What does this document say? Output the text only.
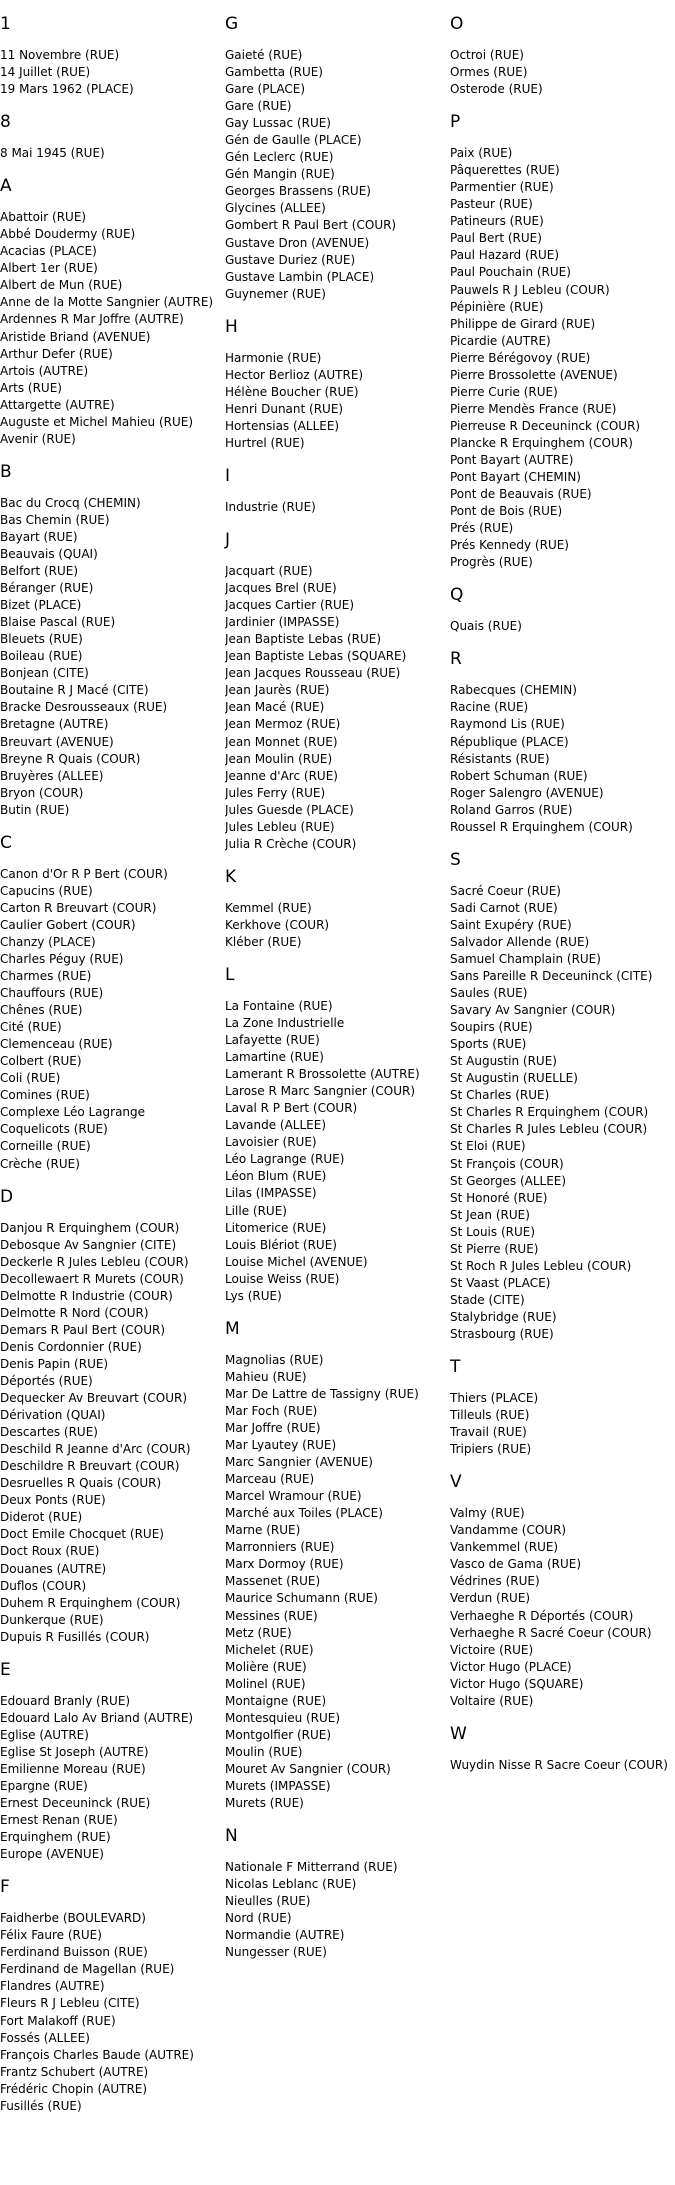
1
11 Novembre (RUE)
14 Juillet (RUE)
19 Mars 1962 (PLACE)
8
8 Mai 1945 (RUE)
A
Abattoir (RUE)
Abbé Doudermy (RUE)
Acacias (PLACE)
Albert 1er (RUE)
Albert de Mun (RUE)
Anne de la Motte Sangnier (AUTRE)
Ardennes R Mar Joffre (AUTRE)
Aristide Briand (AVENUE)
Arthur Defer (RUE)
Artois (AUTRE)
Arts (RUE)
Attargette (AUTRE)
Auguste et Michel Mahieu (RUE)
Avenir (RUE)
B
Bac du Crocq (CHEMIN)
Bas Chemin (RUE)
Bayart (RUE)
Beauvais (QUAI)
Belfort (RUE)
Béranger (RUE)
Bizet (PLACE)
Blaise Pascal (RUE)
Bleuets (RUE)
Boileau (RUE)
Bonjean (CITE)
Boutaine R J Macé (CITE)
Bracke Desrousseaux (RUE)
Bretagne (AUTRE)
Breuvart (AVENUE)
Breyne R Quais (COUR)
Bruyères (ALLEE)
Bryon (COUR)
Butin (RUE)
C
Canon d'Or R P Bert (COUR)
Capucins (RUE)
Carton R Breuvart (COUR)
Caulier Gobert (COUR)
Chanzy (PLACE)
Charles Péguy (RUE)
Charmes (RUE)
Chauffours (RUE)
Chênes (RUE)
Cité (RUE)
Clemenceau (RUE)
Colbert (RUE)
Coli (RUE)
Comines (RUE)
Complexe Léo Lagrange
Coquelicots (RUE)
Corneille (RUE)
Crèche (RUE)
D
Danjou R Erquinghem (COUR)
Debosque Av Sangnier (CITE)
Deckerle R Jules Lebleu (COUR)
Decollewaert R Murets (COUR)
Delmotte R Industrie (COUR)
Delmotte R Nord (COUR)
Demars R Paul Bert (COUR)
Denis Cordonnier (RUE)
Denis Papin (RUE)
Déportés (RUE)
Dequecker Av Breuvart (COUR)
Dérivation (QUAI)
Descartes (RUE)
Deschild R Jeanne d'Arc (COUR)
Deschildre R Breuvart (COUR)
Desruelles R Quais (COUR)
Deux Ponts (RUE)
Diderot (RUE)
Doct Emile Chocquet (RUE)
Doct Roux (RUE)
Douanes (AUTRE)
Duflos (COUR)
Duhem R Erquinghem (COUR)
Dunkerque (RUE)
Dupuis R Fusillés (COUR)
E
Edouard Branly (RUE)
Edouard Lalo Av Briand (AUTRE)
Eglise (AUTRE)
Eglise St Joseph (AUTRE)
Emilienne Moreau (RUE)
Epargne (RUE)
Ernest Deceuninck (RUE)
Ernest Renan (RUE)
Erquinghem (RUE)
Europe (AVENUE)
F
Faidherbe (BOULEVARD)
Félix Faure (RUE)
Ferdinand Buisson (RUE)
Ferdinand de Magellan (RUE)
Flandres (AUTRE)
Fleurs R J Lebleu (CITE)
Fort Malakoff (RUE)
Fossés (ALLEE)
François Charles Baude (AUTRE)
Frantz Schubert (AUTRE)
Frédéric Chopin (AUTRE)
Fusillés (RUE)
G
Gaieté (RUE)
Gambetta (RUE)
Gare (PLACE)
Gare (RUE)
Gay Lussac (RUE)
Gén de Gaulle (PLACE)
Gén Leclerc (RUE)
Gén Mangin (RUE)
Georges Brassens (RUE)
Glycines (ALLEE)
Gombert R Paul Bert (COUR)
Gustave Dron (AVENUE)
Gustave Duriez (RUE)
Gustave Lambin (PLACE)
Guynemer (RUE)
H
Harmonie (RUE)
Hector Berlioz (AUTRE)
Hélène Boucher (RUE)
Henri Dunant (RUE)
Hortensias (ALLEE)
Hurtrel (RUE)
I
Industrie (RUE)
J
Jacquart (RUE)
Jacques Brel (RUE)
Jacques Cartier (RUE)
Jardinier (IMPASSE)
Jean Baptiste Lebas (RUE)
Jean Baptiste Lebas (SQUARE)
Jean Jacques Rousseau (RUE)
Jean Jaurès (RUE)
Jean Macé (RUE)
Jean Mermoz (RUE)
Jean Monnet (RUE)
Jean Moulin (RUE)
Jeanne d'Arc (RUE)
Jules Ferry (RUE)
Jules Guesde (PLACE)
Jules Lebleu (RUE)
Julia R Crèche (COUR)
K
Kemmel (RUE)
Kerkhove (COUR)
Kléber (RUE)
L
La Fontaine (RUE)
La Zone Industrielle
Lafayette (RUE)
Lamartine (RUE)
Lamerant R Brossolette (AUTRE)
Larose R Marc Sangnier (COUR)
Laval R P Bert (COUR)
Lavande (ALLEE)
Lavoisier (RUE)
Léo Lagrange (RUE)
Léon Blum (RUE)
Lilas (IMPASSE)
Lille (RUE)
Litomerice (RUE)
Louis Blériot (RUE)
Louise Michel (AVENUE)
Louise Weiss (RUE)
Lys (RUE)
M
Magnolias (RUE)
Mahieu (RUE)
Mar De Lattre de Tassigny (RUE)
Mar Foch (RUE)
Mar Joffre (RUE)
Mar Lyautey (RUE)
Marc Sangnier (AVENUE)
Marceau (RUE)
Marcel Wramour (RUE)
Marché aux Toiles (PLACE)
Marne (RUE)
Marronniers (RUE)
Marx Dormoy (RUE)
Massenet (RUE)
Maurice Schumann (RUE)
Messines (RUE)
Metz (RUE)
Michelet (RUE)
Molière (RUE)
Molinel (RUE)
Montaigne (RUE)
Montesquieu (RUE)
Montgolfier (RUE)
Moulin (RUE)
Mouret Av Sangnier (COUR)
Murets (IMPASSE)
Murets (RUE)
N
Nationale F Mitterrand (RUE)
Nicolas Leblanc (RUE)
Nieulles (RUE)
Nord (RUE)
Normandie (AUTRE)
Nungesser (RUE)
O
Octroi (RUE)
Ormes (RUE)
Osterode (RUE)
P
Paix (RUE)
Pâquerettes (RUE)
Parmentier (RUE)
Pasteur (RUE)
Patineurs (RUE)
Paul Bert (RUE)
Paul Hazard (RUE)
Paul Pouchain (RUE)
Pauwels R J Lebleu (COUR)
Pépinière (RUE)
Philippe de Girard (RUE)
Picardie (AUTRE)
Pierre Bérégovoy (RUE)
Pierre Brossolette (AVENUE)
Pierre Curie (RUE)
Pierre Mendès France (RUE)
Pierreuse R Deceuninck (COUR)
Plancke R Erquinghem (COUR)
Pont Bayart (AUTRE)
Pont Bayart (CHEMIN)
Pont de Beauvais (RUE)
Pont de Bois (RUE)
Prés (RUE)
Prés Kennedy (RUE)
Progrès (RUE)
Q
Quais (RUE)
R
Rabecques (CHEMIN)
Racine (RUE)
Raymond Lis (RUE)
République (PLACE)
Résistants (RUE)
Robert Schuman (RUE)
Roger Salengro (AVENUE)
Roland Garros (RUE)
Roussel R Erquinghem (COUR)
S
Sacré Coeur (RUE)
Sadi Carnot (RUE)
Saint Exupéry (RUE)
Salvador Allende (RUE)
Samuel Champlain (RUE)
Sans Pareille R Deceuninck (CITE)
Saules (RUE)
Savary Av Sangnier (COUR)
Soupirs (RUE)
Sports (RUE)
St Augustin (RUE)
St Augustin (RUELLE)
St Charles (RUE)
St Charles R Erquinghem (COUR)
St Charles R Jules Lebleu (COUR)
St Eloi (RUE)
St François (COUR)
St Georges (ALLEE)
St Honoré (RUE)
St Jean (RUE)
St Louis (RUE)
St Pierre (RUE)
St Roch R Jules Lebleu (COUR)
St Vaast (PLACE)
Stade (CITE)
Stalybridge (RUE)
Strasbourg (RUE)
T
Thiers (PLACE)
Tilleuls (RUE)
Travail (RUE)
Tripiers (RUE)
V
Valmy (RUE)
Vandamme (COUR)
Vankemmel (RUE)
Vasco de Gama (RUE)
Védrines (RUE)
Verdun (RUE)
Verhaeghe R Déportés (COUR)
Verhaeghe R Sacré Coeur (COUR)
Victoire (RUE)
Victor Hugo (PLACE)
Victor Hugo (SQUARE)
Voltaire (RUE)
W
Wuydin Nisse R Sacre Coeur (COUR)
